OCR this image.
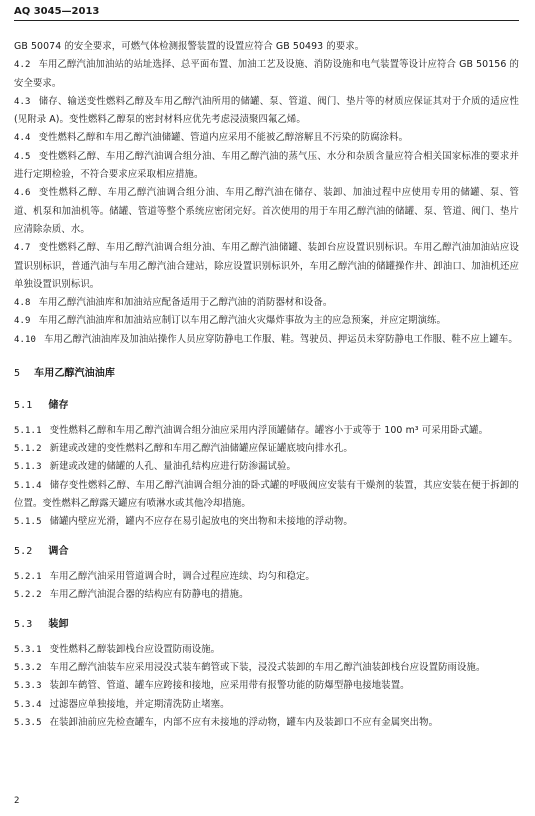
AQ 3045—2013

GB 50074 的安全要求，可燃气体检测报警装置的设置应符合 GB 50493 的要求。

4.2 车用乙醇汽油加油站的站址选择、总平面布置、加油工艺及设施、消防设施和电气装置等设计应符合 GB 50156 的安全要求。

4.3 储存、输送变性燃料乙醇及车用乙醇汽油所用的储罐、泵、管道、阀门、垫片等的材质应保证其对于介质的适应性(见附录 A)。变性燃料乙醇泵的密封材料应优先考虑浸渍聚四氟乙烯。

4.4 变性燃料乙醇和车用乙醇汽油储罐、管道内应采用不能被乙醇溶解且不污染的防腐涂料。

4.5 变性燃料乙醇、车用乙醇汽油调合组分油、车用乙醇汽油的蒸气压、水分和杂质含量应符合相关国家标准的要求并进行定期检验，不符合要求应采取相应措施。

4.6 变性燃料乙醇、车用乙醇汽油调合组分油、车用乙醇汽油在储存、装卸、加油过程中应使用专用的储罐、泵、管道、机泵和加油机等。储罐、管道等整个系统应密闭完好。首次使用的用于车用乙醇汽油的储罐、泵、管道、阀门、垫片应清除杂质、水。

4.7 变性燃料乙醇、车用乙醇汽油调合组分油、车用乙醇汽油储罐、装卸台应设置识别标识。车用乙醇汽油加油站应设置识别标识，普通汽油与车用乙醇汽油合建站，除应设置识别标识外，车用乙醇汽油的储罐操作井、卸油口、加油机还应单独设置识别标识。

4.8 车用乙醇汽油油库和加油站应配备适用于乙醇汽油的消防器材和设备。

4.9 车用乙醇汽油油库和加油站应制订以车用乙醇汽油火灾爆炸事故为主的应急预案，并应定期演练。

4.10 车用乙醇汽油油库及加油站操作人员应穿防静电工作服、鞋。驾驶员、押运员未穿防静电工作服、鞋不应上罐车。

5 车用乙醇汽油油库
5.1 储存

5.1.1 变性燃料乙醇和车用乙醇汽油调合组分油应采用内浮顶罐储存。罐容小于或等于 100 m³ 可采用卧式罐。

5.1.2 新建或改建的变性燃料乙醇和车用乙醇汽油储罐应保证罐底坡向排水孔。

5.1.3 新建或改建的储罐的人孔、量油孔结构应进行防渗漏试验。

5.1.4 储存变性燃料乙醇、车用乙醇汽油调合组分油的卧式罐的呼吸阀应安装有干燥剂的装置，其应安装在便于拆卸的位置。变性燃料乙醇露天罐应有喷淋水或其他冷却措施。

5.1.5 储罐内壁应光滑，罐内不应存在易引起放电的突出物和未接地的浮动物。

5.2 调合

5.2.1 车用乙醇汽油采用管道调合时，调合过程应连续、均匀和稳定。

5.2.2 车用乙醇汽油混合器的结构应有防静电的措施。

5.3 装卸

5.3.1 变性燃料乙醇装卸栈台应设置防雨设施。

5.3.2 车用乙醇汽油装车应采用浸没式装车鹤管或下装，浸没式装卸的车用乙醇汽油装卸栈台应设置防雨设施。

5.3.3 装卸车鹤管、管道、罐车应跨接和接地，应采用带有报警功能的防爆型静电接地装置。

5.3.4 过滤器应单独接地，并定期清洗防止堵塞。

5.3.5 在装卸油前应先检查罐车，内部不应有未接地的浮动物，罐车内及装卸口不应有金属突出物。

2
